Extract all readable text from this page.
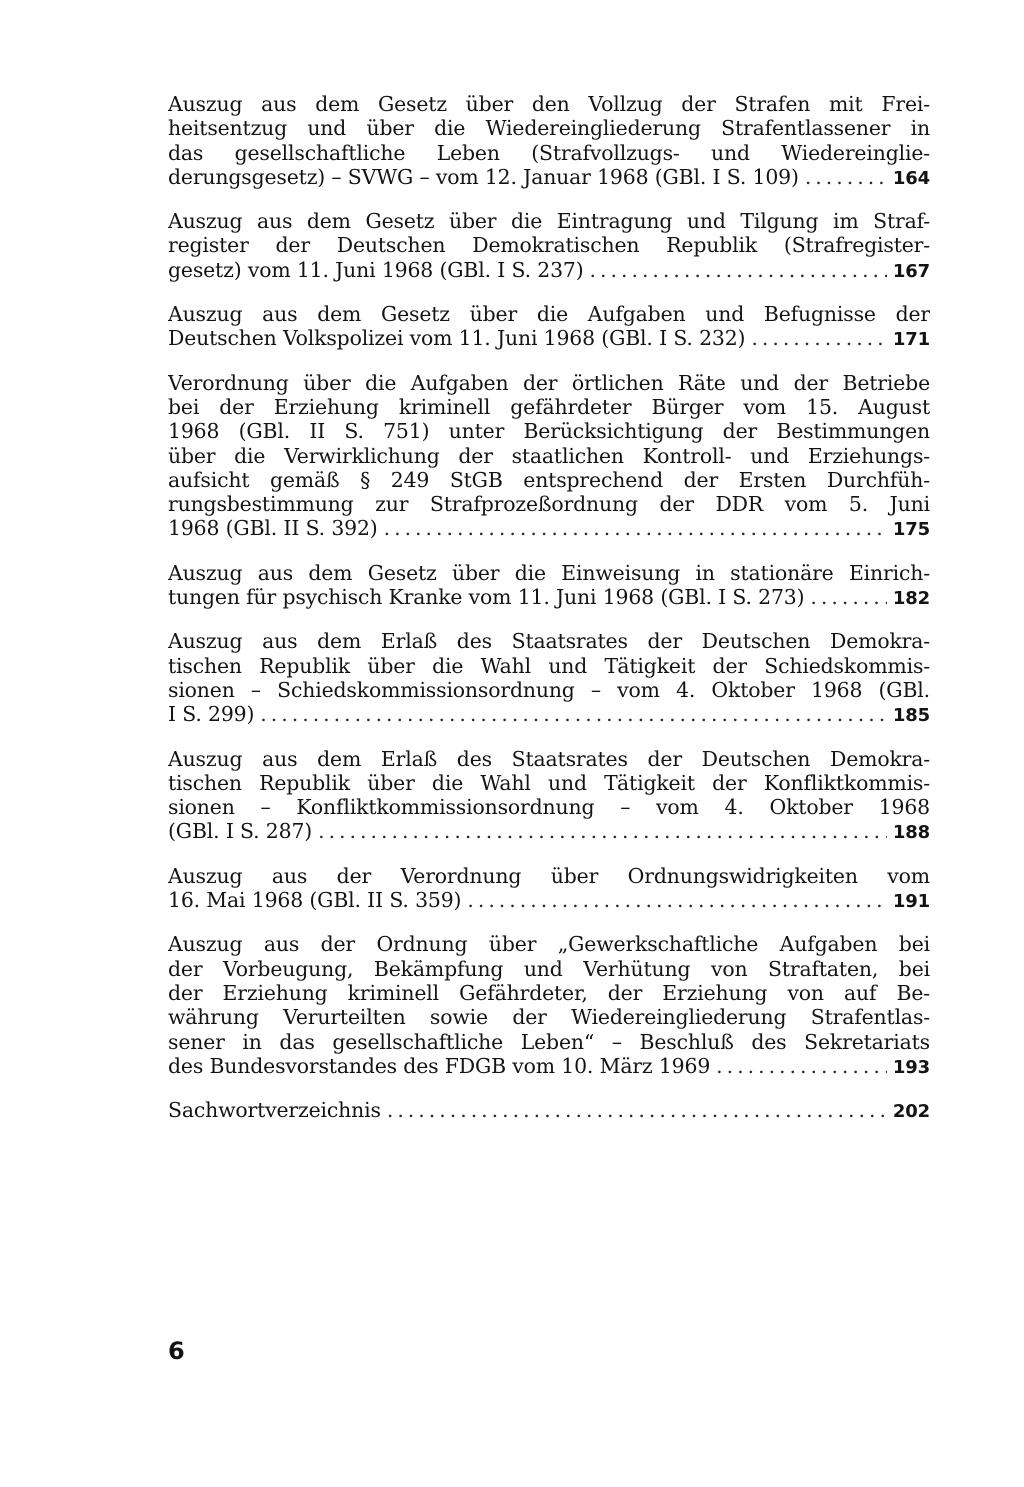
Auszug aus dem Gesetz über den Vollzug der Strafen mit Frei-
heitsentzug und über die Wiedereingliederung Strafentlassener in
das gesellschaftliche Leben (Strafvollzugs- und Wiedereinglie-
derungsgesetz) – SVWG – vom 12. Januar 1968 (GBl. I S. 109) .....	164
Auszug aus dem Gesetz über die Eintragung und Tilgung im Straf-
register der Deutschen Demokratischen Republik (Strafregister-
gesetz) vom 11. Juni 1968 (GBl. I S. 237) .....	167
Auszug aus dem Gesetz über die Aufgaben und Befugnisse der
Deutschen Volkspolizei vom 11. Juni 1968 (GBl. I S. 232) .....	171
Verordnung über die Aufgaben der örtlichen Räte und der Betriebe
bei der Erziehung kriminell gefährdeter Bürger vom 15. August
1968 (GBl. II S. 751) unter Berücksichtigung der Bestimmungen
über die Verwirklichung der staatlichen Kontroll- und Erziehungs-
aufsicht gemäß § 249 StGB entsprechend der Ersten Durchfüh-
rungsbestimmung zur Strafprozeßordnung der DDR vom 5. Juni
1968 (GBl. II S. 392) .....	175
Auszug aus dem Gesetz über die Einweisung in stationäre Einrich-
tungen für psychisch Kranke vom 11. Juni 1968 (GBl. I S. 273) .....	182
Auszug aus dem Erlaß des Staatsrates der Deutschen Demokra-
tischen Republik über die Wahl und Tätigkeit der Schiedskommis-
sionen – Schiedskommissionsordnung – vom 4. Oktober 1968 (GBl.
I S. 299) .....	185
Auszug aus dem Erlaß des Staatsrates der Deutschen Demokra-
tischen Republik über die Wahl und Tätigkeit der Konfliktkommis-
sionen – Konfliktkommissionsordnung – vom 4. Oktober 1968
(GBl. I S. 287) .....	188
Auszug aus der Verordnung über Ordnungswidrigkeiten vom
16. Mai 1968 (GBl. II S. 359) .....	191
Auszug aus der Ordnung über „Gewerkschaftliche Aufgaben bei
der Vorbeugung, Bekämpfung und Verhütung von Straftaten, bei
der Erziehung kriminell Gefährdeter, der Erziehung von auf Be-
währung Verurteilten sowie der Wiedereingliederung Strafentlas-
sener in das gesellschaftliche Leben“ – Beschluß des Sekretariats
des Bundesvorstandes des FDGB vom 10. März 1969 .....	193
Sachwortverzeichnis .....	202
6
